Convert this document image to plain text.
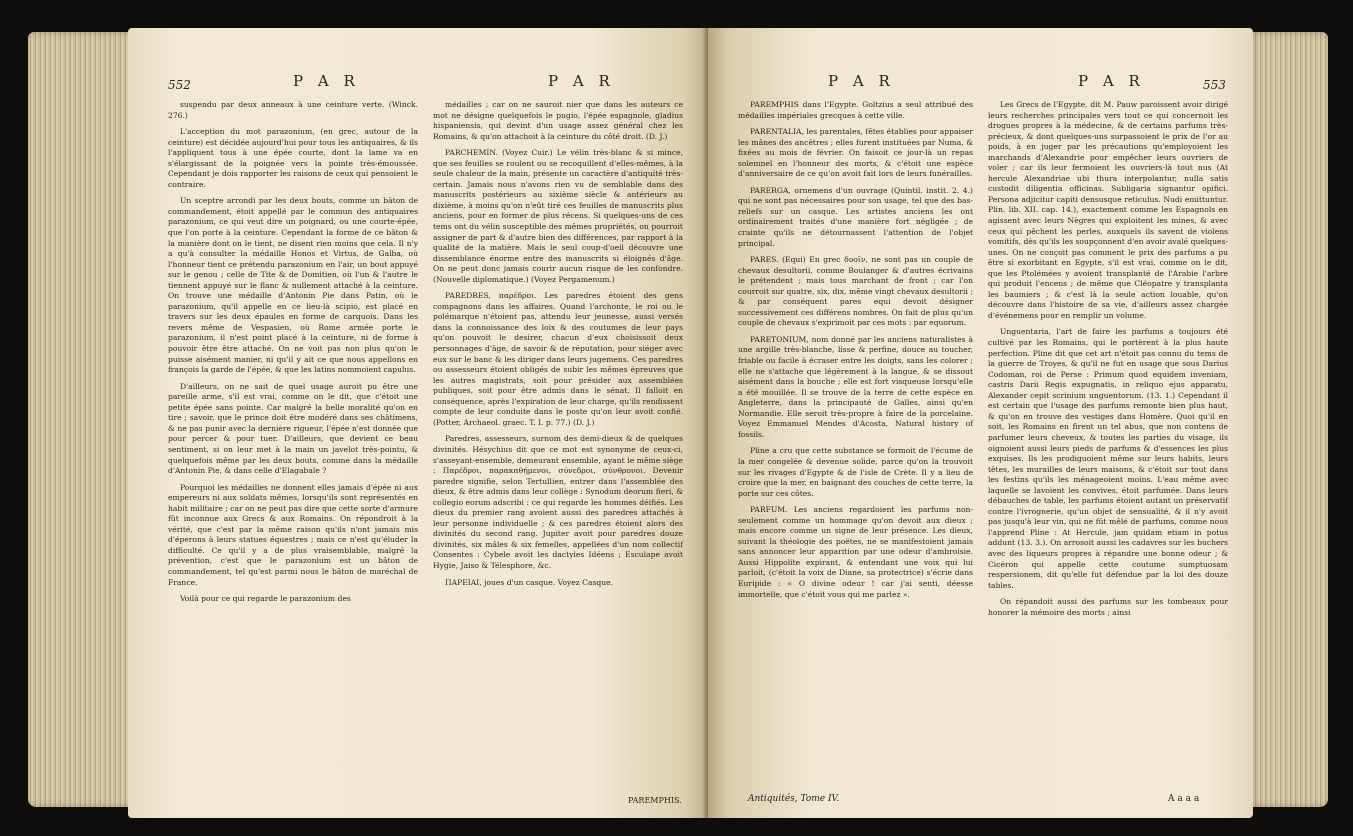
552	P A R	P A R

suspendu par deux anneaux à une ceinture verte. (Winck. 276.)

L'acception du mot parazonium, (en grec, autour de la ceinture) est décidée aujourd'hui pour tous les antiquaires, & ils l'appliquent tous à une épée courte, dont la lame va en s'élargissant de la poignée vers la pointe très-émoussée. Cependant je dois rapporter les raisons de ceux qui pensoient le contraire.

Un sceptre arrondi par les deux bouts, comme un bâton de commandement, étoit appellé par le commun des antiquaires parazonium, ce qui veut dire un poignard, ou une courte-épée, que l'on porte à la ceinture. Cependant la forme de ce bâton & la manière dont on le tient, ne disent rien moins que cela. Il n'y a qu'à consulter la médaille Honos et Virtus, de Galba, où l'honneur tient ce prétendu parazonium en l'air, un bout appuyé sur le genou ; celle de Tite & de Domitien, où l'un & l'autre le tiennent appuyé sur le flanc & nullement attaché à la ceinture. On trouve une médaille d'Antonin Pie dans Patin, où le parazonium, qu'il appelle en ce lieu-là scipio, est placé en travers sur les deux épaules en forme de carquois. Dans les revers même de Vespasien, où Rome armée porte le parazonium, il n'est point placé à la ceinture, ni de forme à pouvoir être être attaché. On ne voit pas non plus qu'on le puisse aisément manier, ni qu'il y ait ce que nous appellons en françois la garde de l'épée, & que les latins nommoient capulus.

D'ailleurs, on ne sait de quel usage auroit pu être une pareille arme, s'il est vrai, comme on le dit, que c'étoit une petite épée sans pointe. Car malgré la belle moralité qu'on en tire ; savoir, que le prince doit être modéré dans ses châtimens, & ne pas punir avec la dernière rigueur, l'épée n'est donnée que pour percer & pour tuer. D'ailleurs, que devient ce beau sentiment, si on leur met à la main un javelot très-pointu, & quelquefois même par les deux bouts, comme dans la médaille d'Antonin Pie, & dans celle d'Elagabale ?

Pourquoi les médailles ne donnent elles jamais d'épée ni aux empereurs ni aux soldats mêmes, lorsqu'ils sont représentés en habit militaire ; car on ne peut pas dire que cette sorte d'armure fût inconnue aux Grecs & aux Romains. On répondroit à la vérité, que c'est par la même raison qu'ils n'ont jamais mis d'éperons à leurs statues équestres ; mais ce n'est qu'éluder la difficulté. Ce qu'il y a de plus vraisemblable, malgré la prévention, c'est que le parazonium est un bâton de commandement, tel qu'est parmi nous le bâton de maréchal de France.

Voilà pour ce qui regarde le parazonium des

médailles ; car on ne sauroit nier que dans les auteurs ce mot ne désigne quelquefois le pugio, l'épée espagnole, gladius hispaniensis, qui devint d'un usage assez général chez les Romains, & qu'on attachoit à la ceinture du côté droit. (D. J.)

PARCHEMIN. (Voyez Cuir.) Le vélin très-blanc & si mince, que ses feuilles se roulent ou se recoquillent d'elles-mêmes, à la seule chaleur de la main, présente un caractère d'antiquité très-certain. Jamais nous n'avons rien vu de semblable dans des manuscrits postérieurs au sixième siècle & antérieurs au dixième, à moins qu'on n'eût tiré ces feuilles de manuscrits plus anciens, pour en former de plus récens. Si quelques-uns de ces tems ont du vélin susceptible des mêmes propriétés, on pourroit assigner de part & d'autre bien des différences, par rapport à la qualité de la matière. Mais le seul coup-d'oeil découvre une dissemblance énorme entre des manuscrits si éloignés d'âge. On ne peut donc jamais courir aucun risque de les confondre. (Nouvelle diplomatique.) (Voyez Pergamenum.)

PAREDRES, παρέδροι. Les paredres étoient des gens compagnons dans les affaires. Quand l'archonte, le roi ou le polémarque n'étoient pas, attendu leur jeunesse, aussi versés dans la connoissance des loix & des coutumes de leur pays qu'on pouvoit le desirer, chacun d'eux choisissoit deux personnages d'âge, de savoir & de réputation, pour siéger avec eux sur le banc & les diriger dans leurs jugemens. Ces paredres ou assesseurs étoient obligés de subir les mêmes épreuves que les autres magistrats, soit pour présider aux assemblées publiques, soit pour être admis dans le sénat. Il falloit en conséquence, après l'expiration de leur charge, qu'ils rendissent compte de leur conduite dans le poste qu'on leur avoit confié. (Potter, Archaeol. graec. T. I. p. 77.) (D. J.)

Paredres, assesseurs, surnom des demi-dieux & de quelques divinités. Hésychius dit que ce mot est synonyme de ceux-ci, s'asseyant-ensemble, demeurant ensemble, ayant le même siège : Παρέδροι, παρακαθήμενοι, σύνεδροι, σύνθρονοι. Devenir paredre signifie, selon Tertullien, entrer dans l'assemblée des dieux, & être admis dans leur collège : Synodum deorum fieri, & collegio eorum adscribi : ce qui regarde les hommes déifiés. Les dieux du premier rang avoient aussi des paredres attachés à leur personne individuelle ; & ces paredres étoient alors des divinités du second rang. Jupiter avoit pour paredres douze divinités, six mâles & six femelles, appellées d'un nom collectif Consentes : Cybele avoit les dactyles Idéens ; Esculape avoit Hygie, Jaiso & Télesphore, &c.

ΠΑΡΕΙΑΙ, joues d'un casque. Voyez Casque.

PAREMPHIS.
P A R	P A R	553

PAREMPHIS dans l'Egypte. Goltzius a seul attribué des médailles impériales grecques à cette ville.

PARENTALIA, les parentales, fêtes établies pour appaiser les mânes des ancêtres ; elles furent instituées par Numa, & fixées au mois de février. On faisoit ce jour-là un repas solemnel en l'honneur des morts, & c'étoit une espèce d'anniversaire de ce qu'on avoit fait lors de leurs funérailles.

PARERGA, ornemens d'un ouvrage (Quintil. instit. 2. 4.) qui ne sont pas nécessaires pour son usage, tel que des bas-reliefs sur un casque. Les artistes anciens les ont ordinairement traités d'une manière fort négligée ; de crainte qu'ils ne détournassent l'attention de l'objet principal.

PARES. (Equi) En grec δυοῖν, ne sont pas un couple de chevaux desultorii, comme Boulanger & d'autres écrivains le prétendent ; mais tous marchant de front ; car l'on courroit sur quatre, six, dix, même vingt chevaux desultorii ; & par conséquent pares equi devoit désigner successivement ces différens nombres. On fait de plus qu'un couple de chevaux s'exprimoit par ces mots : par equorum.

PARETONIUM, nom donné par les anciens naturalistes à une argille très-blanche, lisse & perfine, douce au toucher, friable ou facile à écraser entre les doigts, sans les colorer ; elle ne s'attache que légèrement à la langue, & se dissout aisément dans la bouche ; elle est fort visqueuse lorsqu'elle a été mouillée. Il se trouve de la terre de cette espèce en Angleterre, dans la principauté de Galles, ainsi qu'en Normandie. Elle seroit très-propre à faire de la porcelaine. Voyez Emmanuel Mendes d'Acosta, Natural history of fossils.

Pline a cru que cette substance se formoit de l'écume de la mer congelée & devenue solide, parce qu'on la trouvoit sur les rivages d'Egypte & de l'isle de Crète. Il y a lieu de croire que la mer, en baignant des couches de cette terre, la porte sur ces côtes.

PARFUM. Les anciens regardoient les parfums non-seulement comme un hommage qu'on devoit aux dieux ; mais encore comme un signe de leur présence. Les dieux, suivant la théologie des poëtes, ne se manifestoient jamais sans annoncer leur apparition par une odeur d'ambroisie. Aussi Hippolite expirant, & entendant une voix qui lui parloit, (c'étoit la voix de Diane, sa protectrice) s'écrie dans Euripide : « O divine odeur ! car j'ai senti, déesse immortelle, que c'étoit vous qui me parlez ».

Les Grecs de l'Egypte, dit M. Pauw paroissent avoir dirigé leurs recherches principales vers tout ce qui concernoit les drogues propres à la médecine, & de certains parfums très-précieux, & dont quelques-uns surpassoient le prix de l'or au poids, à en juger par les précautions qu'employoient les marchands d'Alexandrie pour empêcher leurs ouvriers de voler ; car ils leur fermoient les ouvriers-là tout nus (At hercule Alexandriae ubi thura interpolantur, nulla satis custodit diligentia officinas. Subligaria signantur opifici. Persona adjicitur capiti densusque reticulus. Nudi emittuntur. Plin. lib. XII. cap. 14.), exactement comme les Espagnols en agissent avec leurs Nègres qui exploitent les mines, & avec ceux qui pêchent les perles, auxquels ils savent de violens vomitifs, dès qu'ils les soupçonnent d'en avoir avalé quelques-unes. On ne conçoit pas comment le prix des parfums a pu être si exorbitant en Egypte, s'il est vrai, comme on le dit, que les Ptolémées y avoient transplanté de l'Arabie l'arbre qui produit l'encens ; de même que Cléopatre y transplanta les baumiers ; & c'est là la seule action louable, qu'on découvre dans l'histoire de sa vie, d'ailleurs assez chargée d'événemens pour en remplir un volume.

Unguentaria, l'art de faire les parfums a toujours été cultivé par les Romains, qui le portèrent à la plus haute perfection. Pline dit que cet art n'étoit pas connu du tems de la guerre de Troyes, & qu'il ne fut en usage que sous Darius Codoman, roi de Perse : Primum quod equidem inveniam, castris Darii Regis expugnatis, in reliquo ejus apparatu, Alexander cepit scrinium unguentorum. (13. 1.) Cependant il est certain que l'usage des parfums remonte bien plus haut, & qu'on en trouve des vestiges dans Homère. Quoi qu'il en soit, les Romains en firent un tel abus, que non contens de parfumer leurs cheveux, & toutes les parties du visage, ils oignoient aussi leurs pieds de parfums & d'essences les plus exquises. Ils les prodiguoient même sur leurs habits, leurs têtes, les murailles de leurs maisons, & c'étoit sur tout dans les festins qu'ils les ménageoient moins. L'eau même avec laquelle se lavoient les convives, étoit parfumée. Dans leurs débauches de table, les parfums étoient autant un préservatif contre l'ivrognerie, qu'un objet de sensualité, & il n'y avoit pas jusqu'à leur vin, qui ne fût mêlé de parfums, comme nous l'apprend Pline : At Hercule, jam quidam etiam in potus addunt (13. 3.). On arrosoit aussi les cadavres sur les buchers avec des liqueurs propres à répandre une bonne odeur ; & Cicéron qui appelle cette coutume sumptuosam respersionem, dit qu'elle fut défendue par la loi des douze tables.

On répandoit aussi des parfums sur les tombeaux pour honorer la mémoire des morts ; ainsi

Antiquités, Tome IV.	A a a a
